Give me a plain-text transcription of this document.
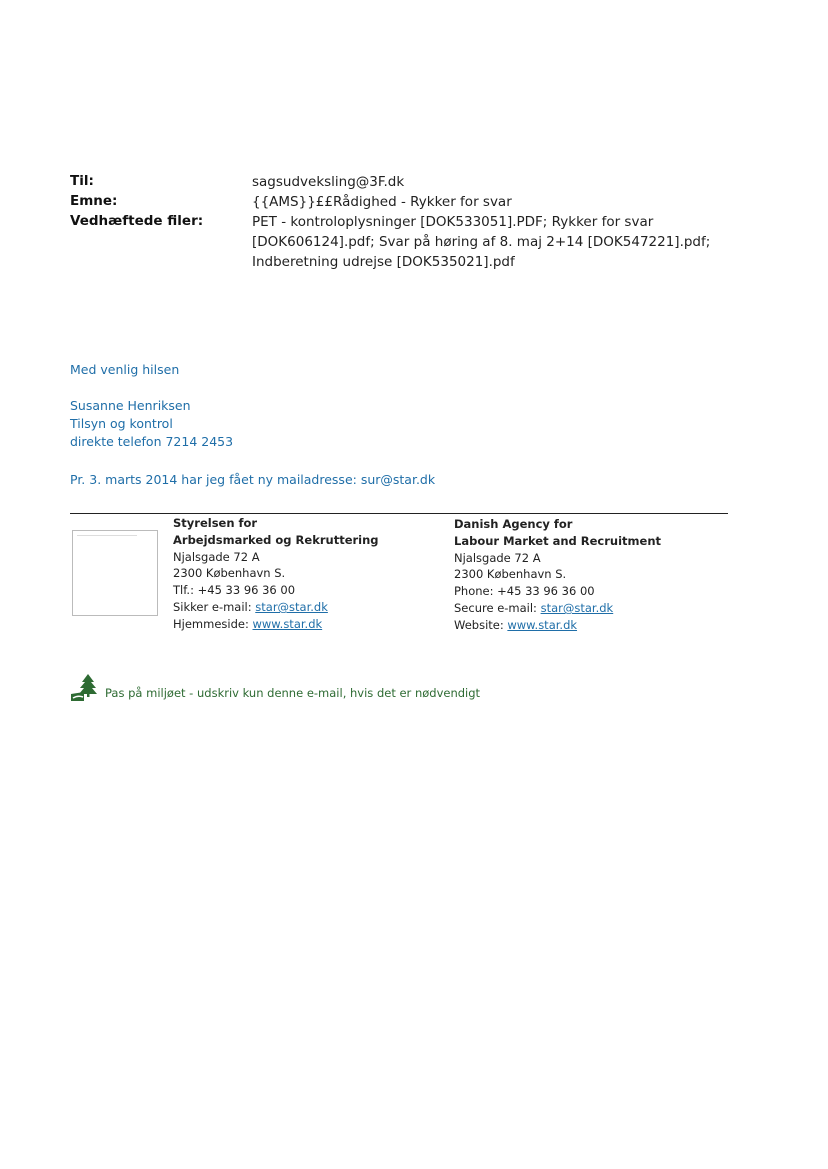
Til:	sagsudveksling@3F.dk
Emne:	{{AMS}}££Rådighed - Rykker for svar
Vedhæftede filer:	PET - kontroloplysninger [DOK533051].PDF; Rykker for svar
[DOK606124].pdf; Svar på høring af 8. maj 2+14 [DOK547221].pdf;
Indberetning udrejse [DOK535021].pdf
Med venlig hilsen
Susanne Henriksen
Tilsyn og kontrol
direkte telefon 7214 2453
Pr. 3. marts 2014 har jeg fået ny mailadresse: sur@star.dk
Styrelsen for
Arbejdsmarked og Rekruttering
Njalsgade 72 A
2300 København S.
Tlf.: +45 33 96 36 00
Sikker e-mail: star@star.dk
Hjemmeside: www.star.dk
Danish Agency for
Labour Market and Recruitment
Njalsgade 72 A
2300 København S.
Phone: +45 33 96 36 00
Secure e-mail: star@star.dk
Website: www.star.dk
Pas på miljøet - udskriv kun denne e-mail, hvis det er nødvendigt
